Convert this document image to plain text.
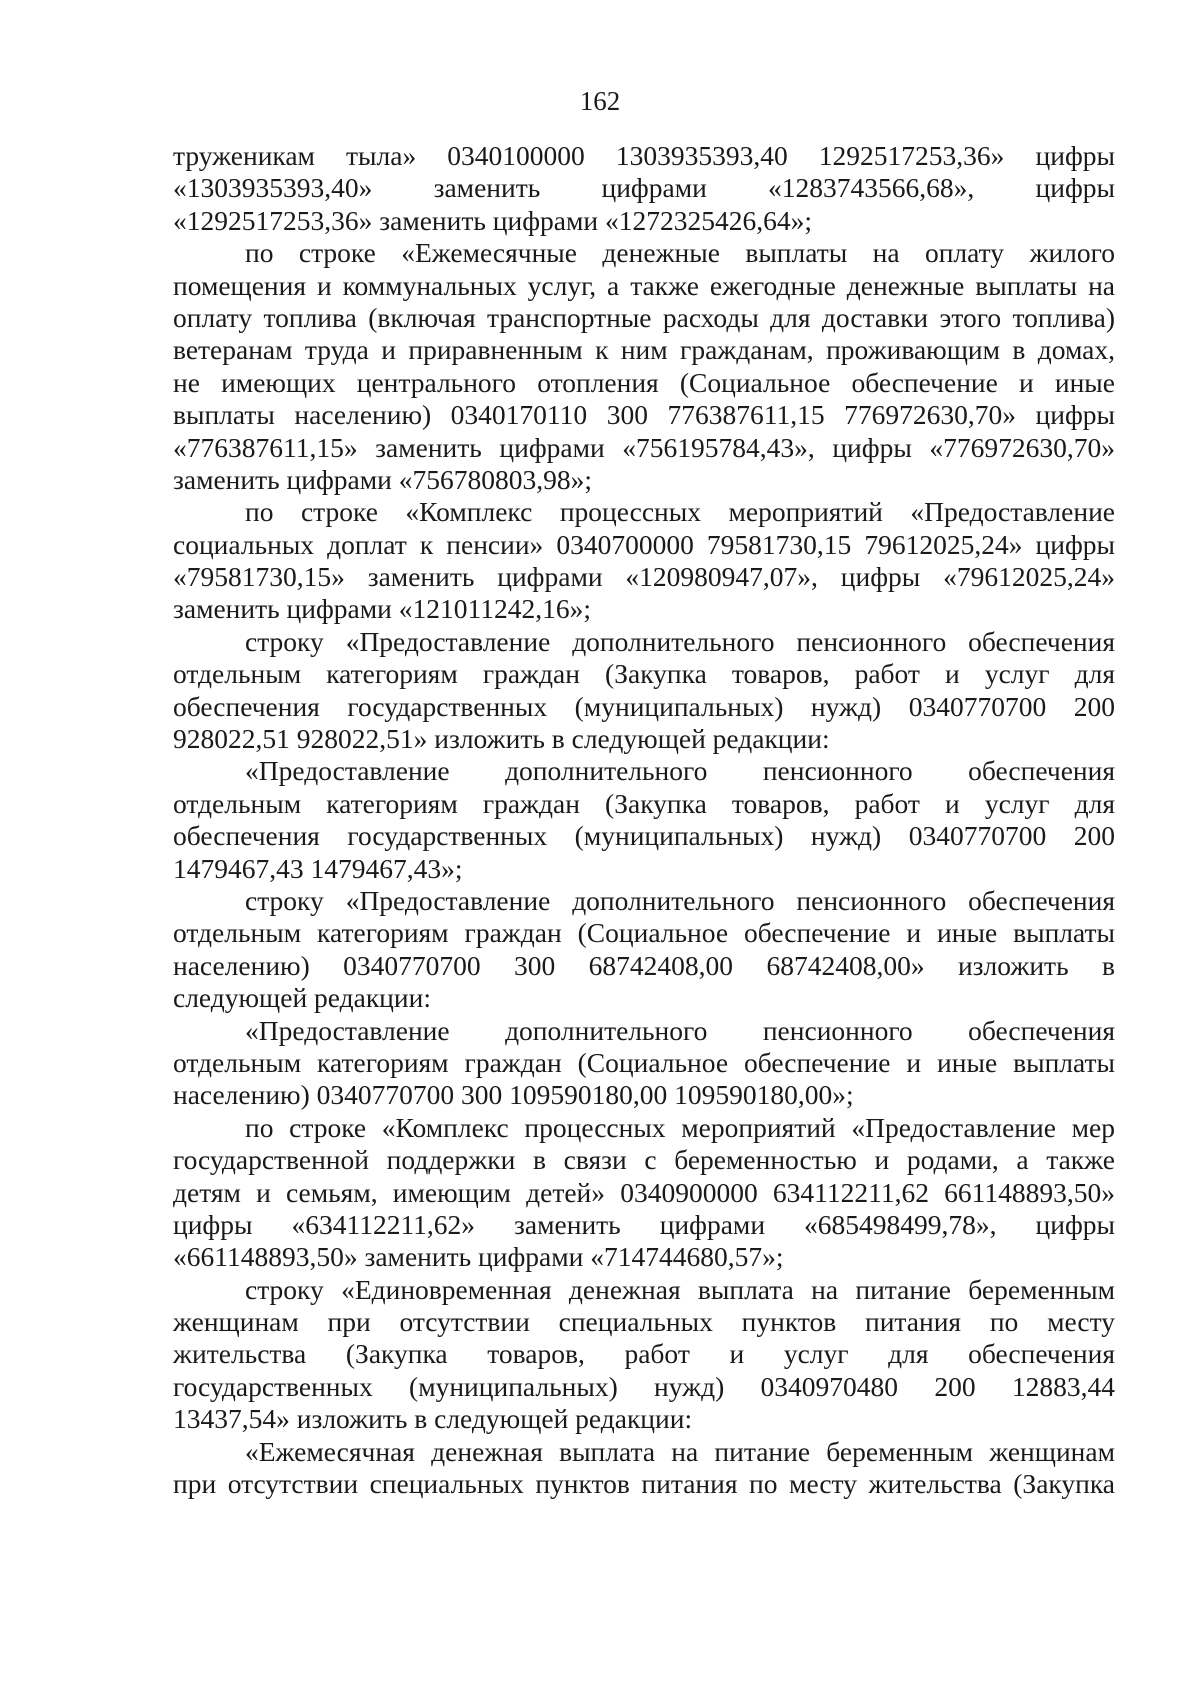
162
труженикам тыла» 0340100000 1303935393,40 1292517253,36» цифры
«1303935393,40» заменить цифрами «1283743566,68», цифры
«1292517253,36» заменить цифрами «1272325426,64»;
по строке «Ежемесячные денежные выплаты на оплату жилого
помещения и коммунальных услуг, а также ежегодные денежные выплаты на
оплату топлива (включая транспортные расходы для доставки этого топлива)
ветеранам труда и приравненным к ним гражданам, проживающим в домах,
не имеющих центрального отопления (Социальное обеспечение и иные
выплаты населению) 0340170110 300 776387611,15 776972630,70» цифры
«776387611,15» заменить цифрами «756195784,43», цифры «776972630,70»
заменить цифрами «756780803,98»;
по строке «Комплекс процессных мероприятий «Предоставление
социальных доплат к пенсии» 0340700000 79581730,15 79612025,24» цифры
«79581730,15» заменить цифрами «120980947,07», цифры «79612025,24»
заменить цифрами «121011242,16»;
строку «Предоставление дополнительного пенсионного обеспечения
отдельным категориям граждан (Закупка товаров, работ и услуг для
обеспечения государственных (муниципальных) нужд) 0340770700 200
928022,51 928022,51» изложить в следующей редакции:
«Предоставление дополнительного пенсионного обеспечения
отдельным категориям граждан (Закупка товаров, работ и услуг для
обеспечения государственных (муниципальных) нужд) 0340770700 200
1479467,43 1479467,43»;
строку «Предоставление дополнительного пенсионного обеспечения
отдельным категориям граждан (Социальное обеспечение и иные выплаты
населению) 0340770700 300 68742408,00 68742408,00» изложить в
следующей редакции:
«Предоставление дополнительного пенсионного обеспечения
отдельным категориям граждан (Социальное обеспечение и иные выплаты
населению) 0340770700 300 109590180,00 109590180,00»;
по строке «Комплекс процессных мероприятий «Предоставление мер
государственной поддержки в связи с беременностью и родами, а также
детям и семьям, имеющим детей» 0340900000 634112211,62 661148893,50»
цифры «634112211,62» заменить цифрами «685498499,78», цифры
«661148893,50» заменить цифрами «714744680,57»;
строку «Единовременная денежная выплата на питание беременным
женщинам при отсутствии специальных пунктов питания по месту
жительства (Закупка товаров, работ и услуг для обеспечения
государственных (муниципальных) нужд) 0340970480 200 12883,44
13437,54» изложить в следующей редакции:
«Ежемесячная денежная выплата на питание беременным женщинам
при отсутствии специальных пунктов питания по месту жительства (Закупка
